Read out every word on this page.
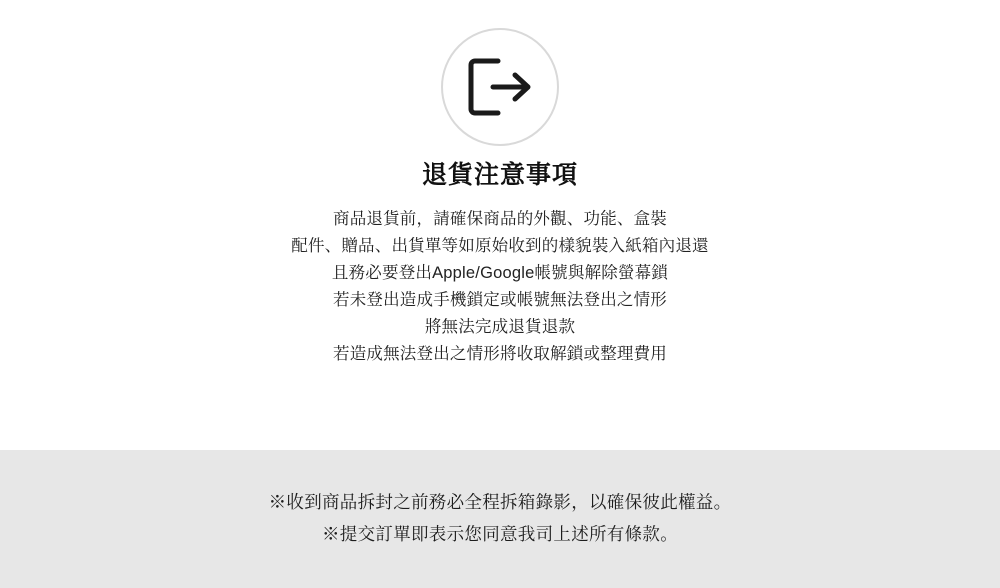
退貨注意事項
商品退貨前，請確保商品的外觀、功能、盒裝
配件、贈品、出貨單等如原始收到的樣貌裝入紙箱內退還
且務必要登出Apple/Google帳號與解除螢幕鎖
若未登出造成手機鎖定或帳號無法登出之情形
將無法完成退貨退款
若造成無法登出之情形將收取解鎖或整理費用
※收到商品拆封之前務必全程拆箱錄影，以確保彼此權益。
※提交訂單即表示您同意我司上述所有條款。
